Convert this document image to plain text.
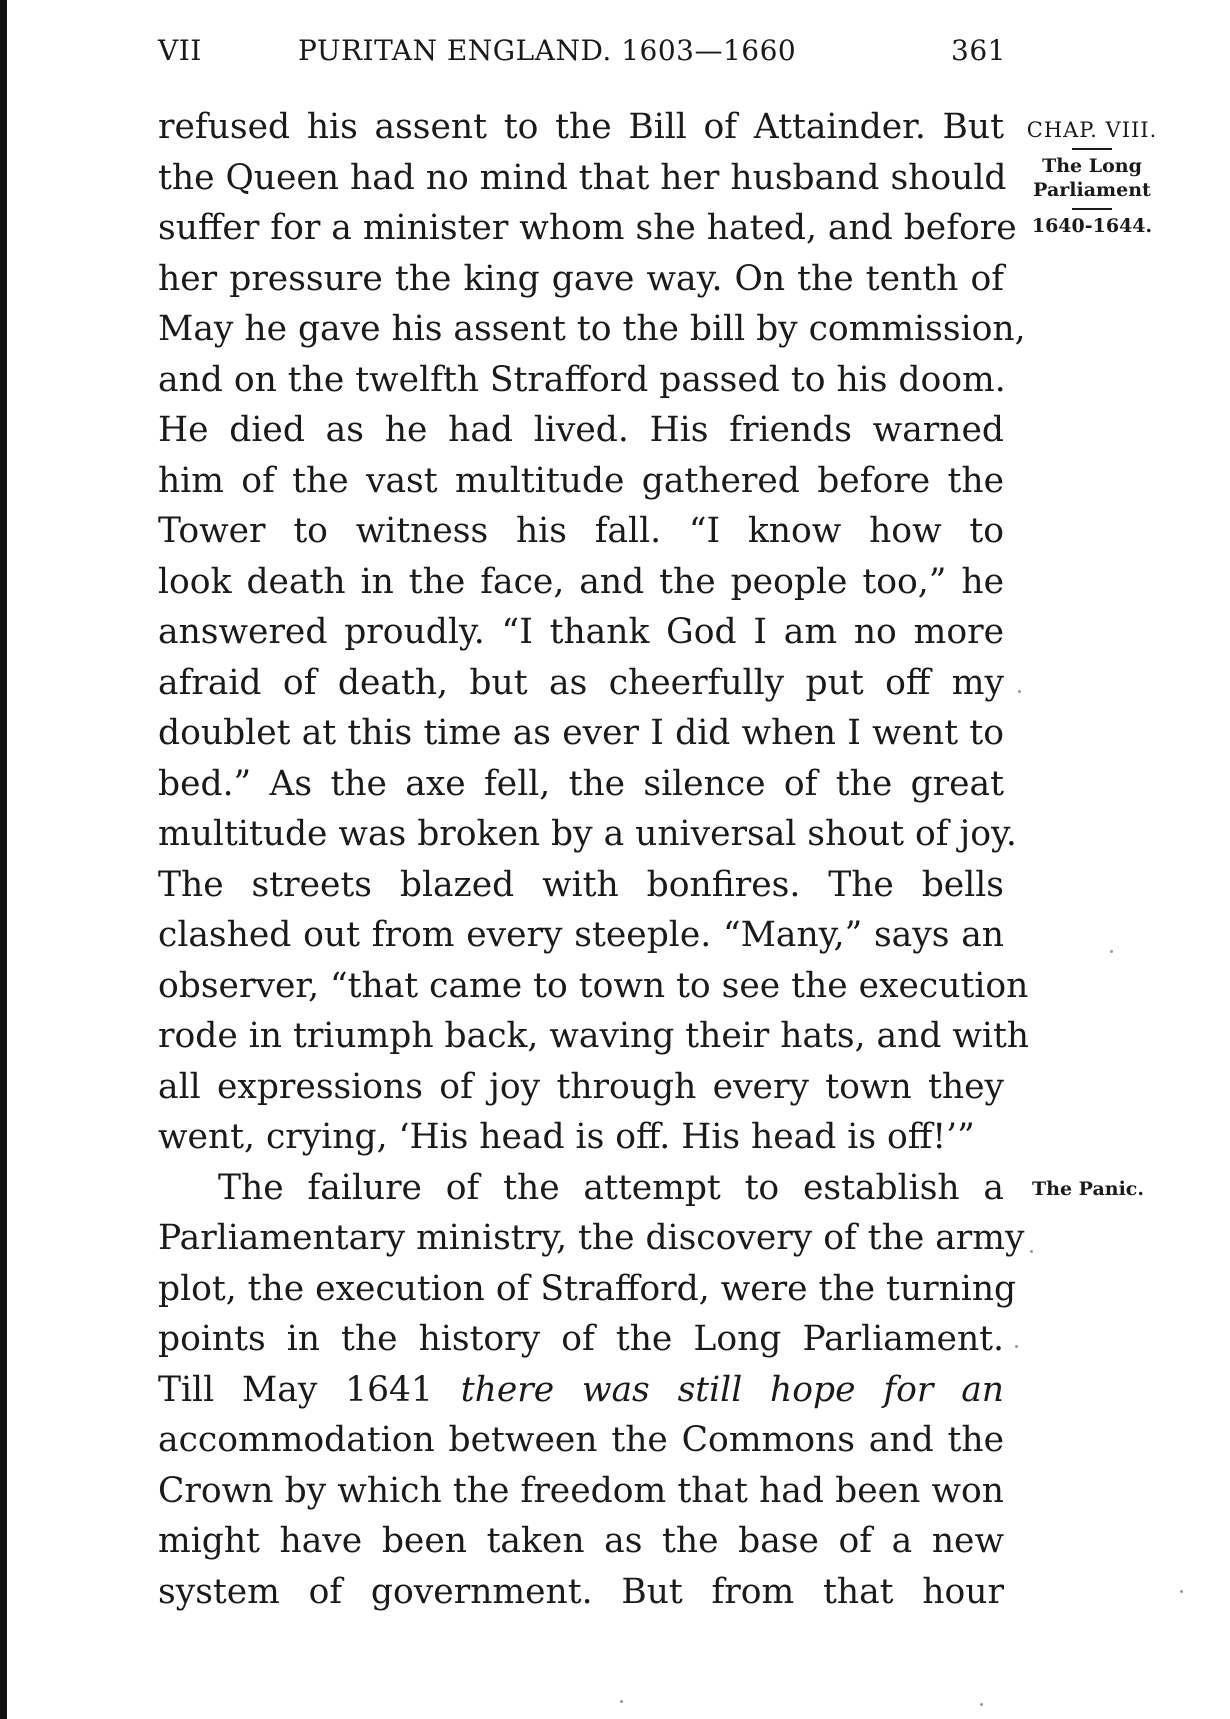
VII	PURITAN ENGLAND. 1603—1660	361
CHAP. VIII.
The Long
Parliament
1640-1644.
The Panic.
refused his assent to the Bill of Attainder. But
the Queen had no mind that her husband should
suffer for a minister whom she hated, and before
her pressure the king gave way. On the tenth of
May he gave his assent to the bill by commission,
and on the twelfth Strafford passed to his doom.
He died as he had lived. His friends warned
him of the vast multitude gathered before the
Tower to witness his fall. “I know how to
look death in the face, and the people too,” he
answered proudly. “I thank God I am no more
afraid of death, but as cheerfully put off my
doublet at this time as ever I did when I went to
bed.” As the axe fell, the silence of the great
multitude was broken by a universal shout of joy.
The streets blazed with bonfires. The bells
clashed out from every steeple. “Many,” says an
observer, “that came to town to see the execution
rode in triumph back, waving their hats, and with
all expressions of joy through every town they
went, crying, ‘His head is off. His head is off!’”
The failure of the attempt to establish a
Parliamentary ministry, the discovery of the army
plot, the execution of Strafford, were the turning
points in the history of the Long Parliament.
Till May 1641 there was still hope for an
accommodation between the Commons and the
Crown by which the freedom that had been won
might have been taken as the base of a new
system of government. But from that hour
